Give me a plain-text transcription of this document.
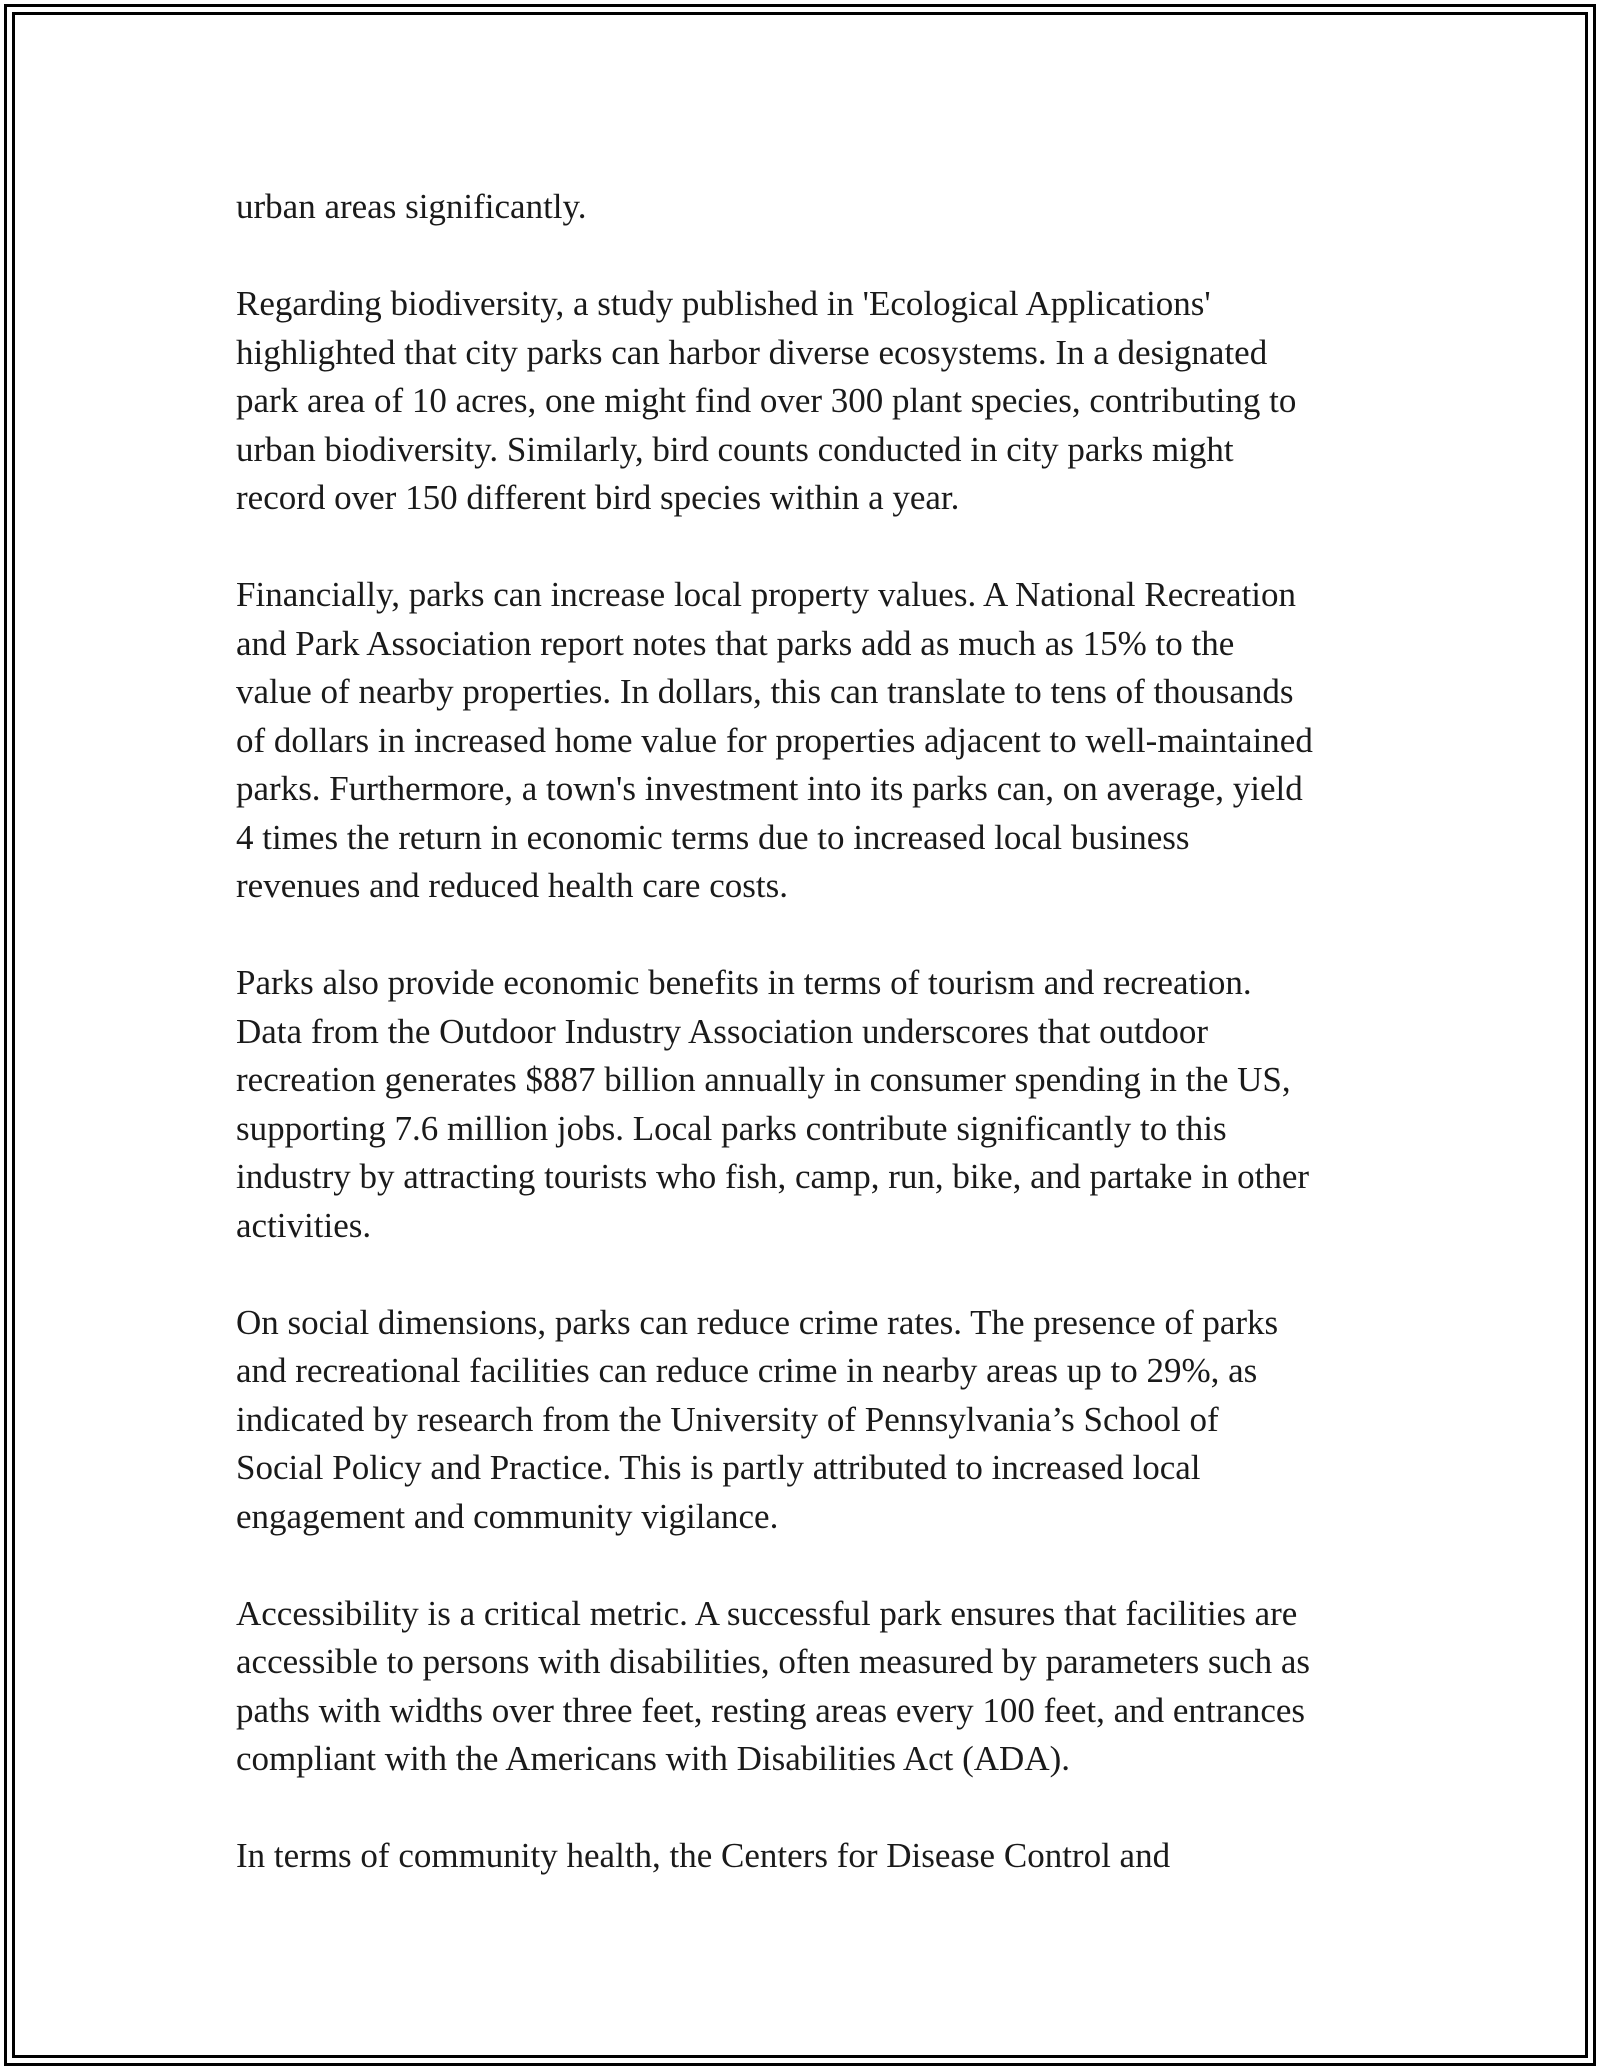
urban areas significantly.

Regarding biodiversity, a study published in 'Ecological Applications'
highlighted that city parks can harbor diverse ecosystems. In a designated
park area of 10 acres, one might find over 300 plant species, contributing to
urban biodiversity. Similarly, bird counts conducted in city parks might
record over 150 different bird species within a year.

Financially, parks can increase local property values. A National Recreation
and Park Association report notes that parks add as much as 15% to the
value of nearby properties. In dollars, this can translate to tens of thousands
of dollars in increased home value for properties adjacent to well-maintained
parks. Furthermore, a town's investment into its parks can, on average, yield
4 times the return in economic terms due to increased local business
revenues and reduced health care costs.

Parks also provide economic benefits in terms of tourism and recreation.
Data from the Outdoor Industry Association underscores that outdoor
recreation generates $887 billion annually in consumer spending in the US,
supporting 7.6 million jobs. Local parks contribute significantly to this
industry by attracting tourists who fish, camp, run, bike, and partake in other
activities.

On social dimensions, parks can reduce crime rates. The presence of parks
and recreational facilities can reduce crime in nearby areas up to 29%, as
indicated by research from the University of Pennsylvania’s School of
Social Policy and Practice. This is partly attributed to increased local
engagement and community vigilance.

Accessibility is a critical metric. A successful park ensures that facilities are
accessible to persons with disabilities, often measured by parameters such as
paths with widths over three feet, resting areas every 100 feet, and entrances
compliant with the Americans with Disabilities Act (ADA).

In terms of community health, the Centers for Disease Control and
